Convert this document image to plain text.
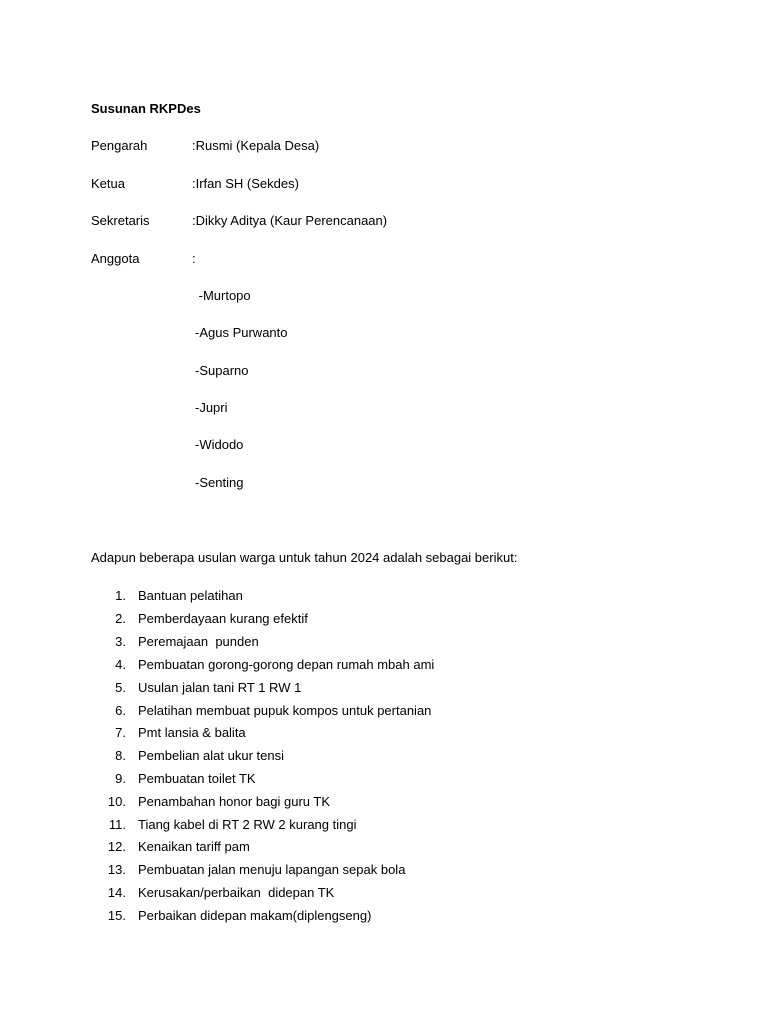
Susunan RKPDes
Pengarah	:Rusmi (Kepala Desa)
Ketua	:Irfan SH (Sekdes)
Sekretaris	:Dikky Aditya (Kaur Perencanaan)
Anggota	:
-Murtopo
-Agus Purwanto
-Suparno
-Jupri
-Widodo
-Senting
Adapun beberapa usulan warga untuk tahun 2024 adalah sebagai berikut:
1. Bantuan pelatihan
2. Pemberdayaan kurang efektif
3. Peremajaan  punden
4. Pembuatan gorong-gorong depan rumah mbah ami
5. Usulan jalan tani RT 1 RW 1
6. Pelatihan membuat pupuk kompos untuk pertanian
7. Pmt lansia & balita
8. Pembelian alat ukur tensi
9. Pembuatan toilet TK
10. Penambahan honor bagi guru TK
11. Tiang kabel di RT 2 RW 2 kurang tingi
12. Kenaikan tariff pam
13. Pembuatan jalan menuju lapangan sepak bola
14. Kerusakan/perbaikan  didepan TK
15. Perbaikan didepan makam(diplengseng)
